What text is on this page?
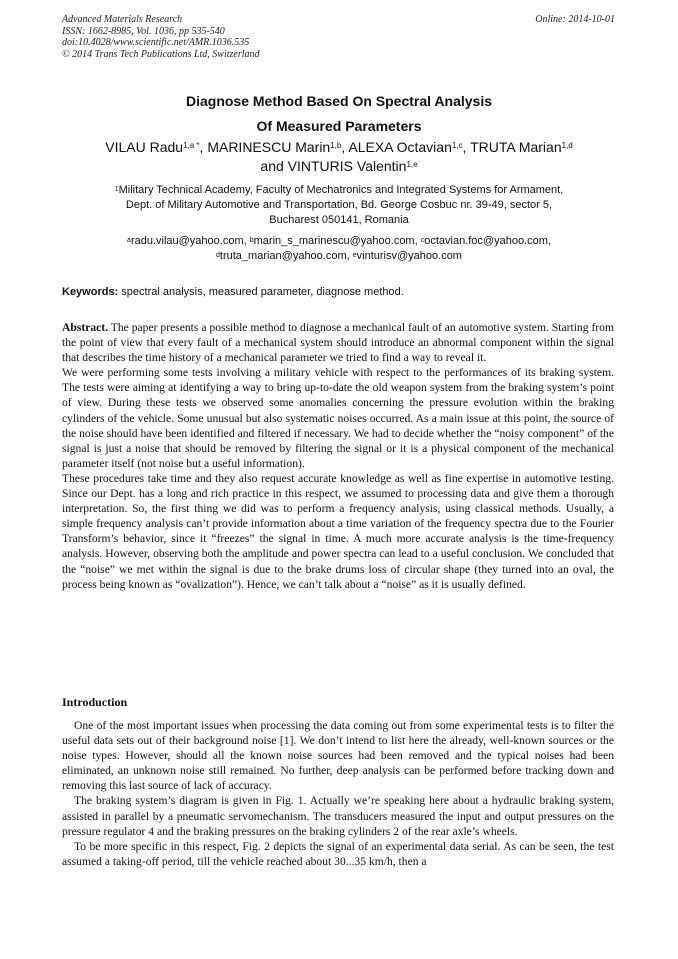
Advanced Materials Research
ISSN: 1662-8985, Vol. 1036, pp 535-540
doi:10.4028/www.scientific.net/AMR.1036.535
© 2014 Trans Tech Publications Ltd, Switzerland
Online: 2014-10-01
Diagnose Method Based On Spectral Analysis
Of Measured Parameters
VILAU Radu$^{1,a *}$, MARINESCU Marin$^{1,b}$, ALEXA Octavian$^{1,c}$, TRUTA Marian$^{1,d}$
and VINTURIS Valentin$^{1,e}$
$^1$Military Technical Academy, Faculty of Mechatronics and Integrated Systems for Armament,
Dept. of Military Automotive and Transportation, Bd. George Cosbuc nr. 39-49, sector 5,
Bucharest 050141, Romania
$^a$radu.vilau@yahoo.com, $^b$marin_s_marinescu@yahoo.com, $^c$octavian.foc@yahoo.com,
$^d$truta_marian@yahoo.com, $^e$vinturisv@yahoo.com
Keywords: spectral analysis, measured parameter, diagnose method.

Abstract. The paper presents a possible method to diagnose a mechanical fault of an automotive system. Starting from the point of view that every fault of a mechanical system should introduce an abnormal component within the signal that describes the time history of a mechanical parameter we tried to find a way to reveal it.

We were performing some tests involving a military vehicle with respect to the performances of its braking system. The tests were aiming at identifying a way to bring up-to-date the old weapon system from the braking system’s point of view. During these tests we observed some anomalies concerning the pressure evolution within the braking cylinders of the vehicle. Some unusual but also systematic noises occurred. As a main issue at this point, the source of the noise should have been identified and filtered if necessary. We had to decide whether the “noisy component” of the signal is just a noise that should be removed by filtering the signal or it is a physical component of the mechanical parameter itself (not noise but a useful information).

These procedures take time and they also request accurate knowledge as well as fine expertise in automotive testing. Since our Dept. has a long and rich practice in this respect, we assumed to processing data and give them a thorough interpretation. So, the first thing we did was to perform a frequency analysis, using classical methods. Usually, a simple frequency analysis can’t provide information about a time variation of the frequency spectra due to the Fourier Transform’s behavior, since it “freezes” the signal in time. A much more accurate analysis is the time-frequency analysis. However, observing both the amplitude and power spectra can lead to a useful conclusion. We concluded that the “noise” we met within the signal is due to the brake drums loss of circular shape (they turned into an oval, the process being known as “ovalization”). Hence, we can’t talk about a “noise” as it is usually defined.

Introduction

One of the most important issues when processing the data coming out from some experimental tests is to filter the useful data sets out of their background noise [1]. We don’t intend to list here the already, well-known sources or the noise types. However, should all the known noise sources had been removed and the typical noises had been eliminated, an unknown noise still remained. No further, deep analysis can be performed before tracking down and removing this last source of lack of accuracy.

The braking system’s diagram is given in Fig. 1. Actually we’re speaking here about a hydraulic braking system, assisted in parallel by a pneumatic servomechanism. The transducers measured the input and output pressures on the pressure regulator 4 and the braking pressures on the braking cylinders 2 of the rear axle’s wheels.

To be more specific in this respect, Fig. 2 depicts the signal of an experimental data serial. As can be seen, the test assumed a taking-off period, till the vehicle reached about 30...35 km/h, then a
